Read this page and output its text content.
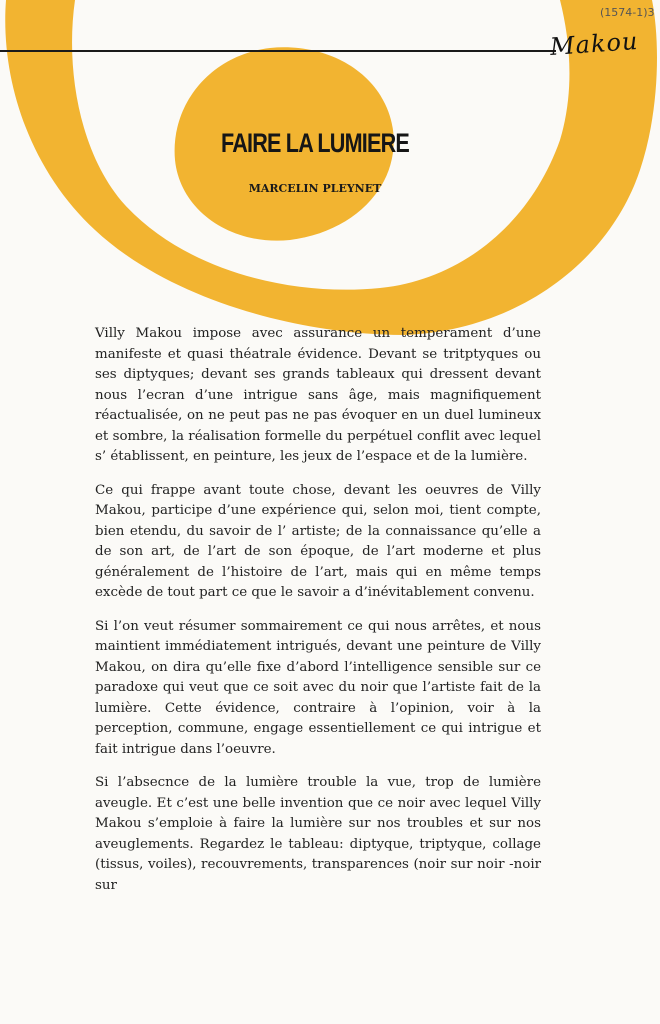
(1574-1)3
Makou
FAIRE LA LUMIERE
MARCELIN PLEYNET

Villy Makou impose avec assurance un temperament d’une manifeste et quasi théatrale évidence. Devant se tritptyques ou ses diptyques; devant ses grands tableaux qui dressent devant nous l’ecran d’une intrigue sans âge, mais magnifiquement réactualisée, on ne peut pas ne pas évoquer en un duel lumineux et sombre, la réalisation formelle du perpétuel conflit avec lequel s’ établissent, en peinture, les jeux de l’espace et de la lumière.

Ce qui frappe avant toute chose, devant les oeuvres de Villy Makou, participe d’une expérience qui, selon moi, tient compte, bien etendu, du savoir de l’ artiste; de la connaissance qu’elle a de son art, de l’art de son époque, de l’art moderne et plus généralement de l’histoire de l’art, mais qui en même temps excède de tout part ce que le savoir a d’inévitablement convenu.

Si l’on veut résumer sommairement ce qui nous arrêtes, et nous maintient immédiatement intrigués, devant une peinture de Villy Makou, on dira qu’elle fixe d’abord l’intelligence sensible sur ce paradoxe qui veut que ce soit avec du noir que l’artiste fait de la lumière. Cette évidence, contraire à l’opinion, voir à la perception, commune, engage essentiellement ce qui intrigue et fait intrigue dans l’oeuvre.

Si l’absecnce de la lumière trouble la vue, trop de lumière aveugle. Et c’est une belle invention que ce noir avec lequel Villy Makou s’emploie à faire la lumière sur nos troubles et sur nos aveuglements. Regardez le tableau: diptyque, triptyque, collage (tissus, voiles), recouvrements, transparences (noir sur noir -noir sur
